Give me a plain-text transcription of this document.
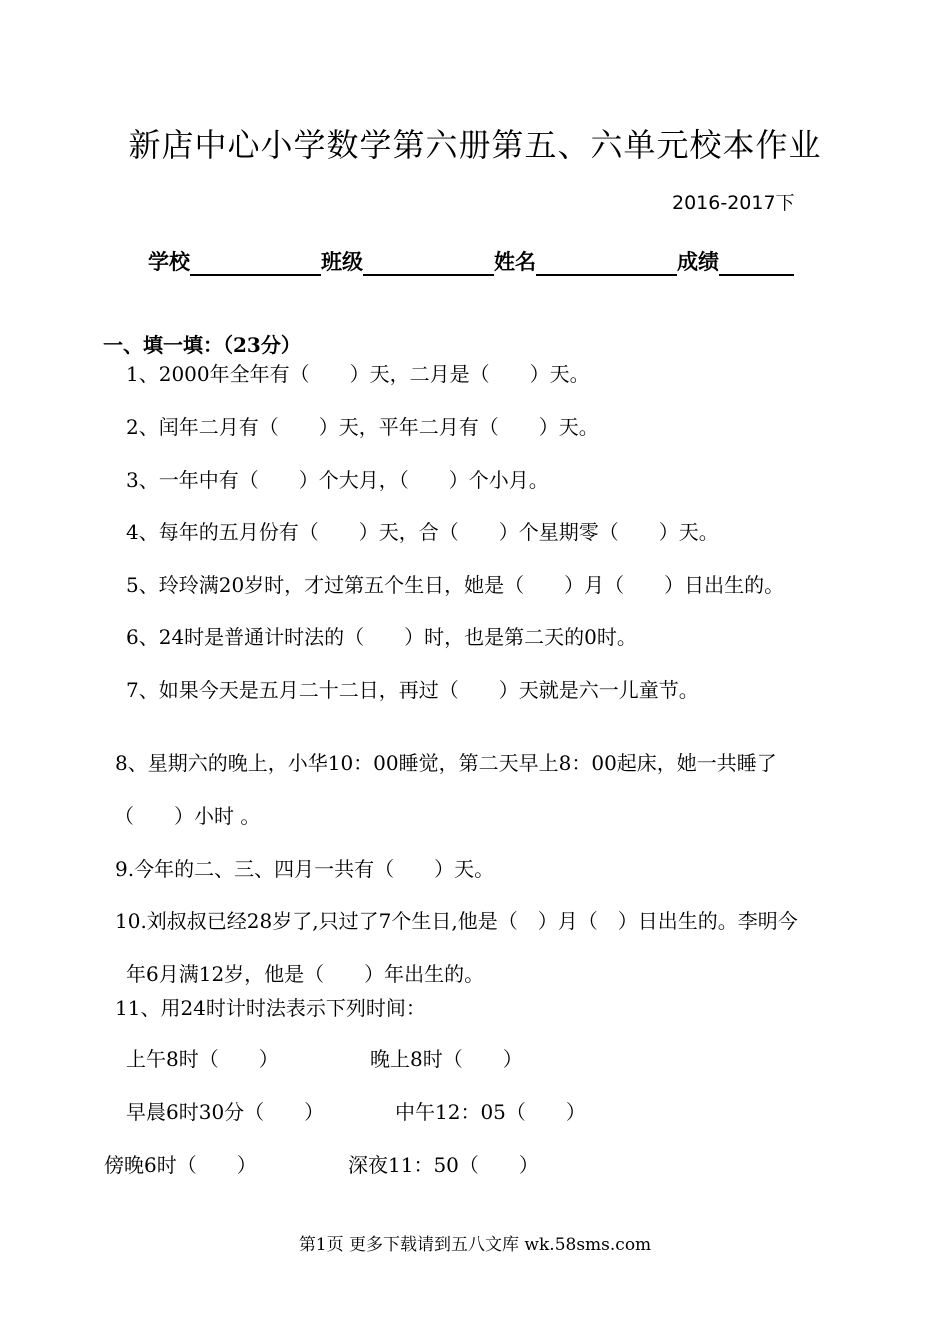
新店中心小学数学第六册第五、六单元校本作业
2016-2017下
学校	班级	姓名	成绩
一、填一填：（23分）
1、2000年全年有（　　）天，二月是（　　）天。
2、闰年二月有（　　）天，平年二月有（　　）天。
3、一年中有（　　）个大月，（　　）个小月。
4、每年的五月份有（　　）天，合（　　）个星期零（　　）天。
5、玲玲满20岁时，才过第五个生日，她是（　　）月（　　）日出生的。
6、24时是普通计时法的（　　）时，也是第二天的0时。
7、如果今天是五月二十二日，再过（　　）天就是六一儿童节。
8、星期六的晚上，小华10：00睡觉，第二天早上8：00起床，她一共睡了
（　　）小时 。
9.今年的二、三、四月一共有（　　）天。
10.刘叔叔已经28岁了,只过了7个生日,他是（　）月（　）日出生的。李明今
年6月满12岁，他是（　　）年出生的。
11、用24时计时法表示下列时间：
上午8时（　　）	晚上8时（　　）
早晨6时30分（　　）	中午12：05（　　）
傍晚6时（　　）	深夜11：50（　　）
第1页 更多下载请到五八文库 wk.58sms.com
